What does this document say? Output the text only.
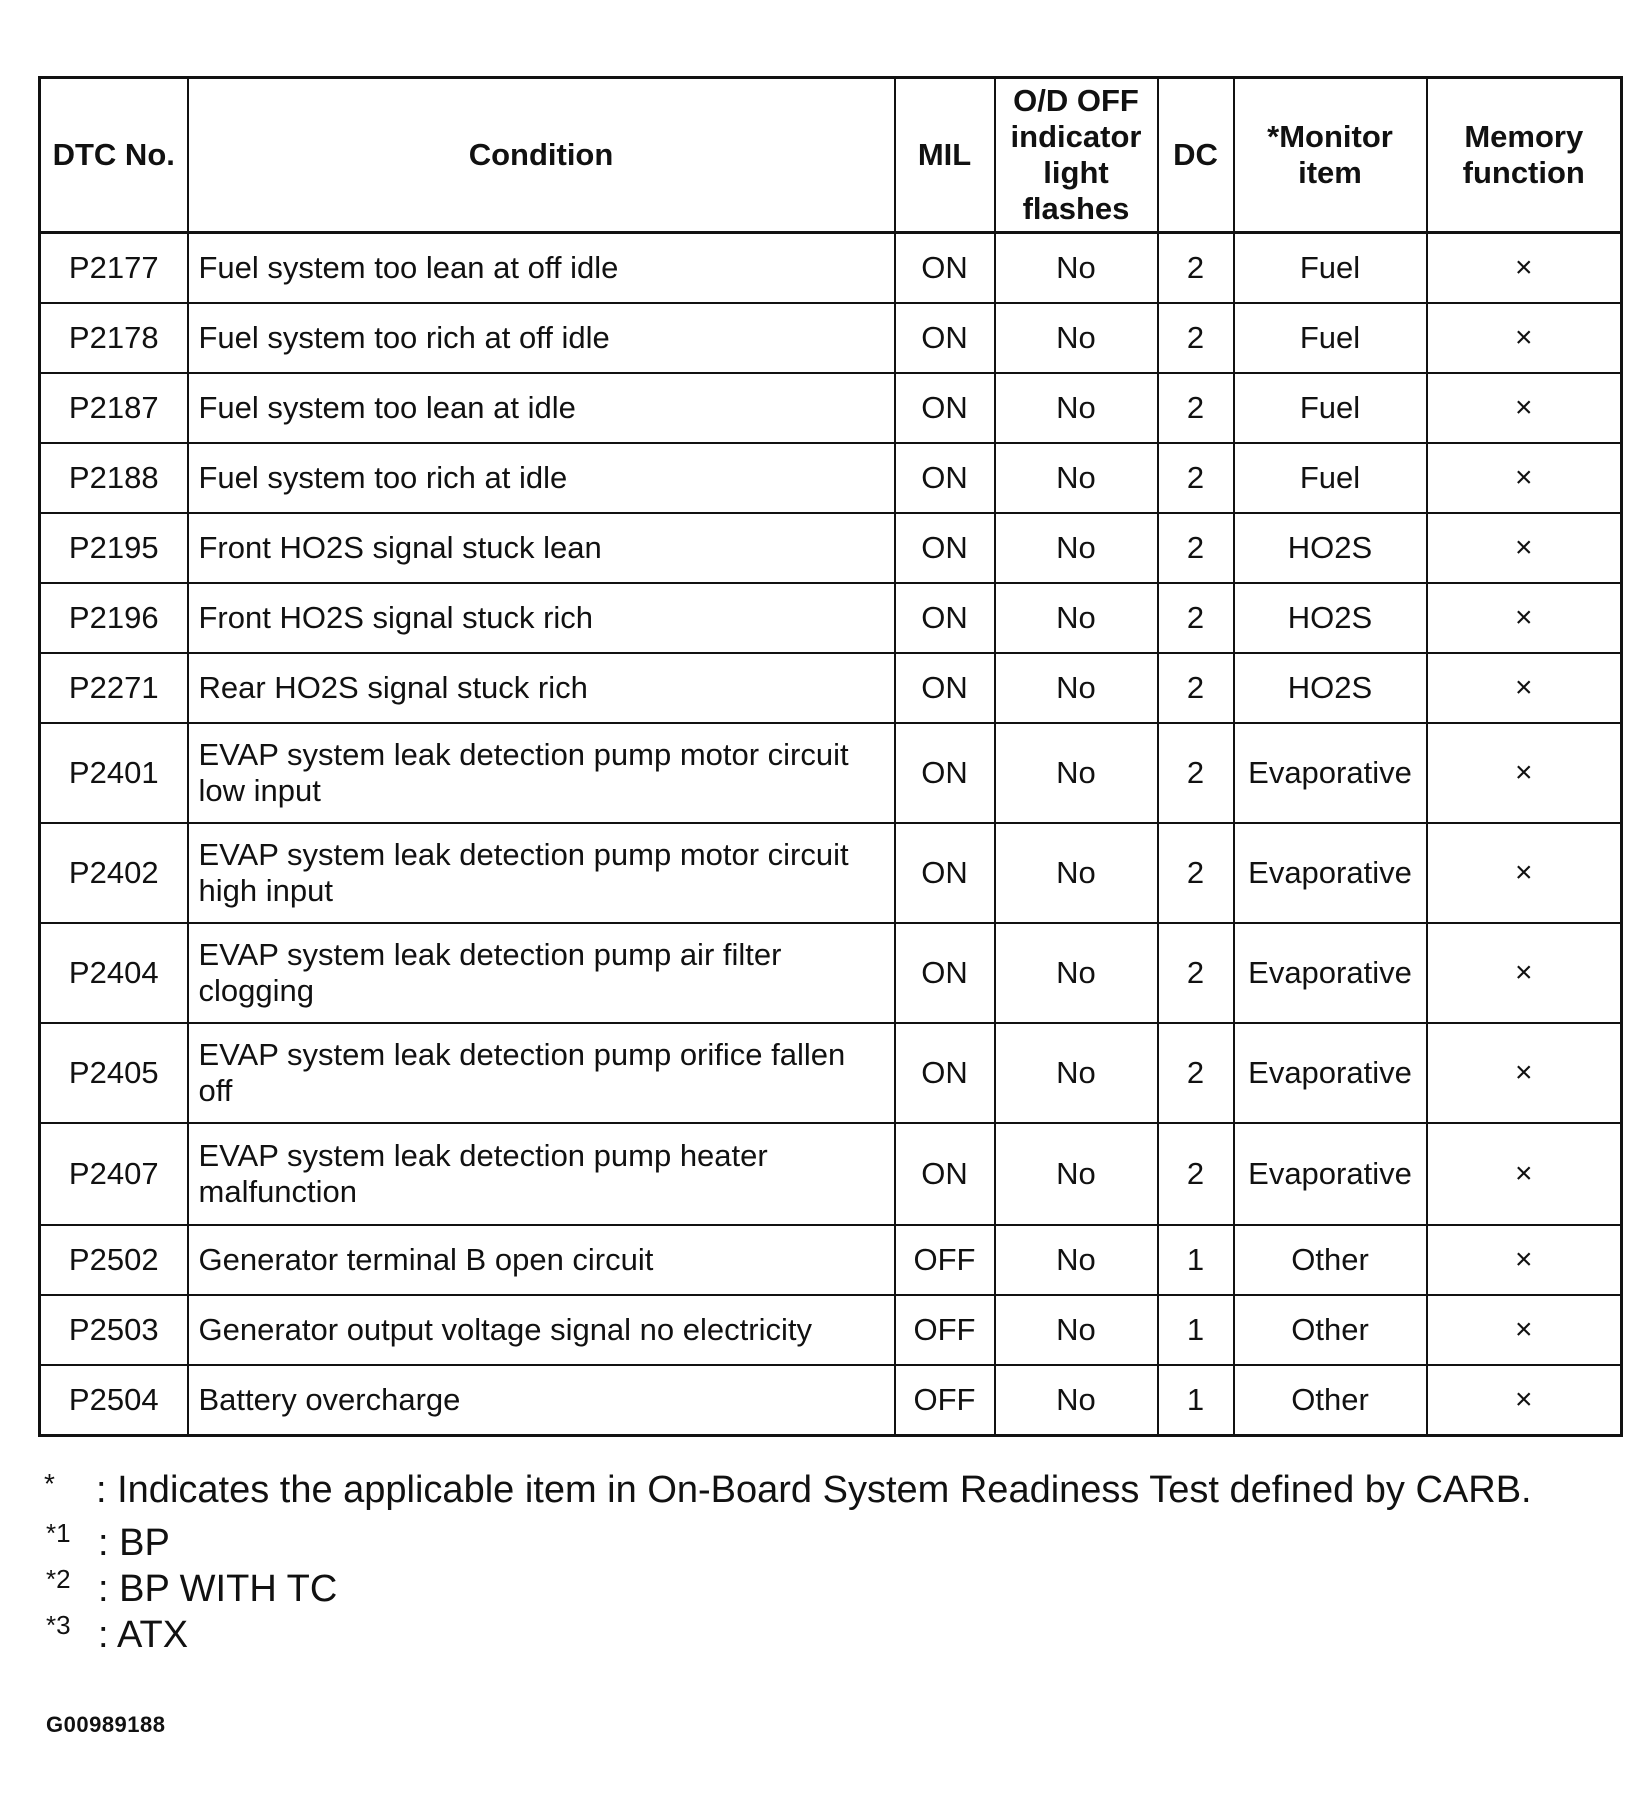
DTC No.	Condition	MIL	O/D OFF indicator light flashes	DC	*Monitor item	Memory function
P2177	Fuel system too lean at off idle	ON	No	2	Fuel	×
P2178	Fuel system too rich at off idle	ON	No	2	Fuel	×
P2187	Fuel system too lean at idle	ON	No	2	Fuel	×
P2188	Fuel system too rich at idle	ON	No	2	Fuel	×
P2195	Front HO2S signal stuck lean	ON	No	2	HO2S	×
P2196	Front HO2S signal stuck rich	ON	No	2	HO2S	×
P2271	Rear HO2S signal stuck rich	ON	No	2	HO2S	×
P2401	EVAP system leak detection pump motor circuit low input	ON	No	2	Evaporative	×
P2402	EVAP system leak detection pump motor circuit high input	ON	No	2	Evaporative	×
P2404	EVAP system leak detection pump air filter clogging	ON	No	2	Evaporative	×
P2405	EVAP system leak detection pump orifice fallen off	ON	No	2	Evaporative	×
P2407	EVAP system leak detection pump heater malfunction	ON	No	2	Evaporative	×
P2502	Generator terminal B open circuit	OFF	No	1	Other	×
P2503	Generator output voltage signal no electricity	OFF	No	1	Other	×
P2504	Battery overcharge	OFF	No	1	Other	×
*	: Indicates the applicable item in On-Board System Readiness Test defined by CARB.
*1 : BP
*2 : BP WITH TC
*3 : ATX
G00989188
